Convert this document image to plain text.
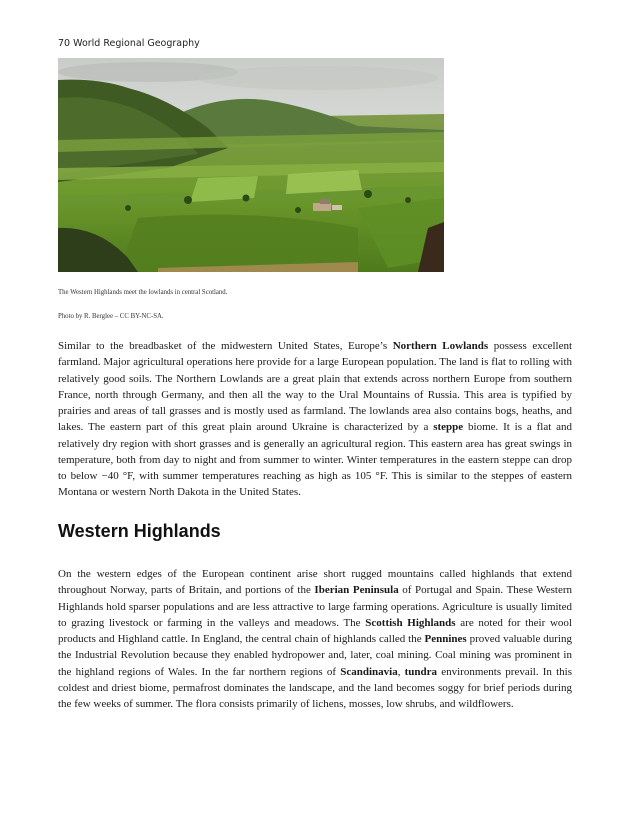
70 World Regional Geography
The Western Highlands meet the lowlands in central Scotland.
Photo by R. Berglee – CC BY-NC-SA.

Similar to the breadbasket of the midwestern United States, Europe’s Northern Lowlands possess excellent farmland. Major agricultural operations here provide for a large European population. The land is flat to rolling with relatively good soils. The Northern Lowlands are a great plain that extends across northern Europe from southern France, north through Germany, and then all the way to the Ural Mountains of Russia. This area is typified by prairies and areas of tall grasses and is mostly used as farmland. The lowlands area also contains bogs, heaths, and lakes. The eastern part of this great plain around Ukraine is characterized by a steppe biome. It is a flat and relatively dry region with short grasses and is generally an agricultural region. This eastern area has great swings in temperature, both from day to night and from summer to winter. Winter temperatures in the eastern steppe can drop to below −40 °F, with summer temperatures reaching as high as 105 °F. This is similar to the steppes of eastern Montana or western North Dakota in the United States.

Western Highlands

On the western edges of the European continent arise short rugged mountains called highlands that extend throughout Norway, parts of Britain, and portions of the Iberian Peninsula of Portugal and Spain. These Western Highlands hold sparser populations and are less attractive to large farming operations. Agriculture is usually limited to grazing livestock or farming in the valleys and meadows. The Scottish Highlands are noted for their wool products and Highland cattle. In England, the central chain of highlands called the Pennines proved valuable during the Industrial Revolution because they enabled hydropower and, later, coal mining. Coal mining was prominent in the highland regions of Wales. In the far northern regions of Scandinavia, tundra environments prevail. In this coldest and driest biome, permafrost dominates the landscape, and the land becomes soggy for brief periods during the few weeks of summer. The flora consists primarily of lichens, mosses, low shrubs, and wildflowers.
